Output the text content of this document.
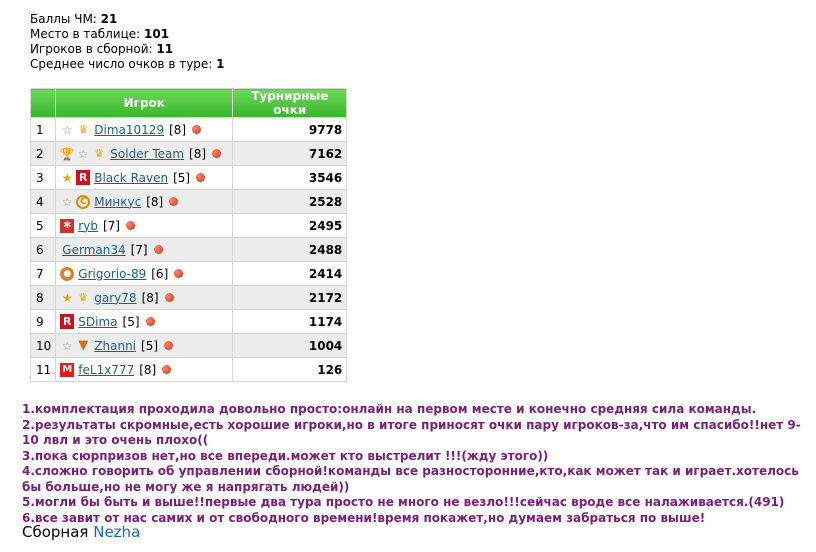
Баллы ЧМ: 21
Место в таблице: 101
Игроков в сборной: 11
Среднее число очков в туре: 1
	Игрок	Турнирные очки
1	☆ ♛ Dima10129 [8]	9778
2	🏆 ☆ ♛ Solder Team [8]	7162
3	★ R Black Raven [5]	3546
4	☆ C Минкус [8]	2528
5	✱ ryb [7]	2495
6	German34 [7]	2488
7	● Grigorio-89 [6]	2414
8	★ ♛ gary78 [8]	2172
9	R SDima [5]	1174
10	☆ ▼ Zhanni [5]	1004
11	M feL1x777 [8]	126

1.комплектация проходила довольно просто:онлайн на первом месте и конечно средняя сила команды.

2.результаты скромные,есть хорошие игроки,но в итоге приносят очки пару игроков-за,что им спасибо!!нет 9-10 лвл и это очень плохо((

3.пока сюрпризов нет,но все впереди.может кто выстрелит !!!(жду этого))

4.сложно говорить об управлении сборной!команды все разносторонние,кто,как может так и играет.хотелось бы больше,но не могу же я напрягать людей))

5.могли бы быть и выше!!первые два тура просто не много не везло!!!сейчас вроде все налаживается.(491)

6.все завит от нас самих и от свободного времени!время покажет,но думаем забраться по выше!

Сборная Nezha
